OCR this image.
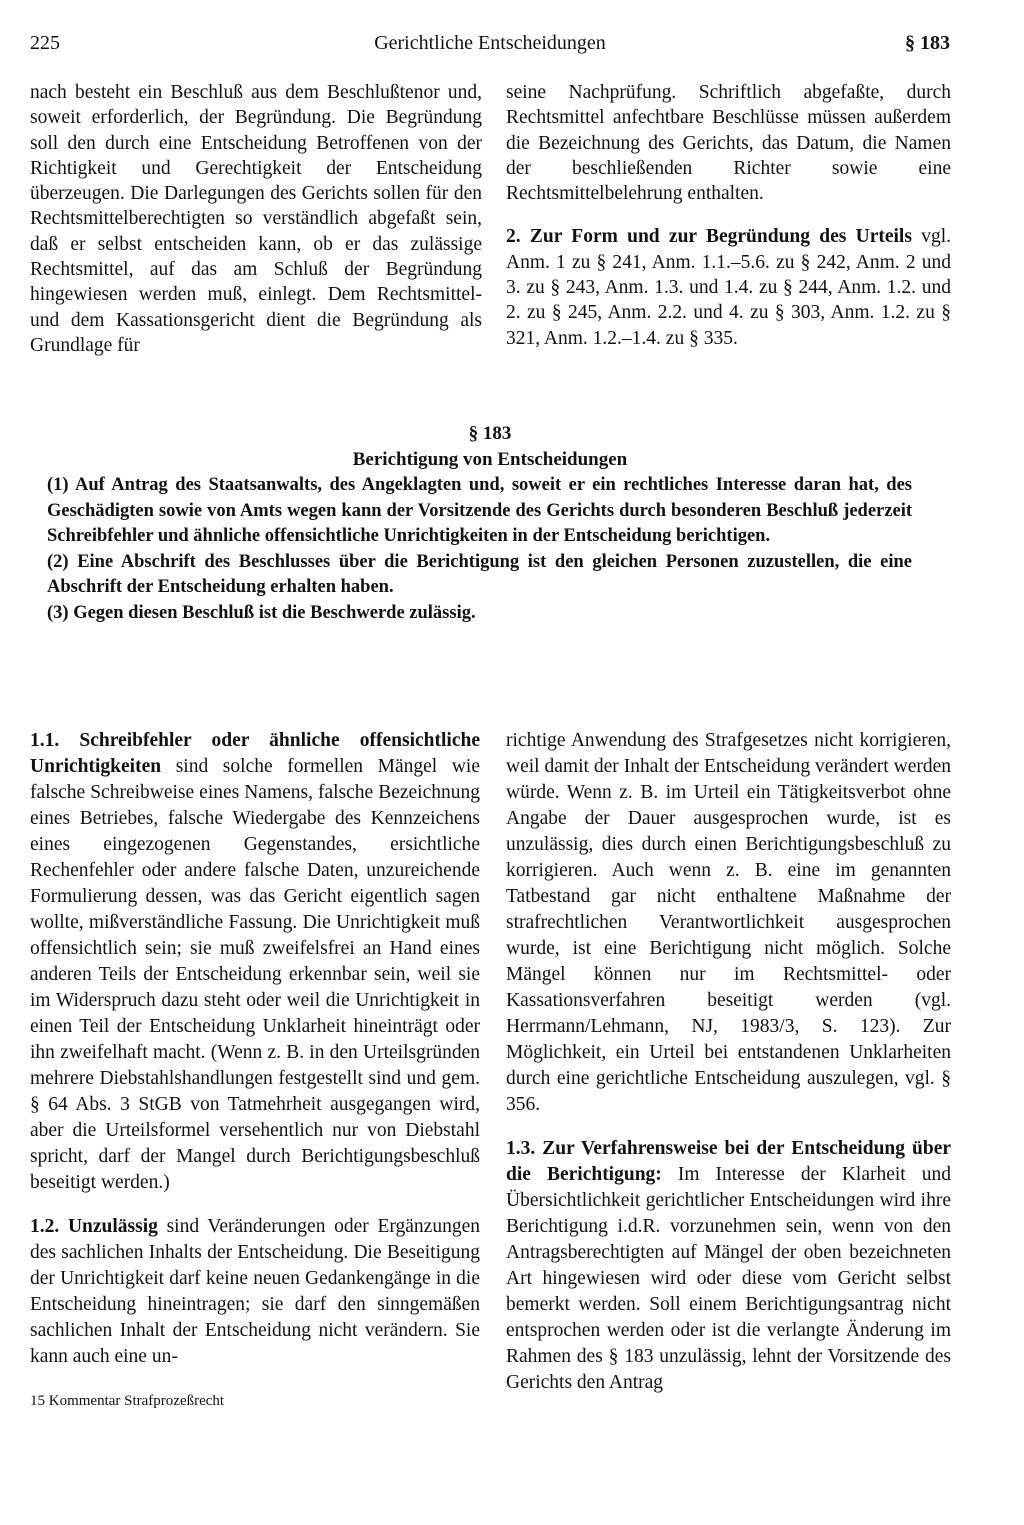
225	Gerichtliche Entscheidungen	§ 183

nach besteht ein Beschluß aus dem Beschlußtenor und, soweit erforderlich, der Begründung. Die Begründung soll den durch eine Entscheidung Betroffenen von der Richtigkeit und Gerechtigkeit der Entscheidung überzeugen. Die Darlegungen des Gerichts sollen für den Rechtsmittelberechtigten so verständlich abgefaßt sein, daß er selbst entscheiden kann, ob er das zulässige Rechtsmittel, auf das am Schluß der Begründung hingewiesen werden muß, einlegt. Dem Rechtsmittel- und dem Kassationsgericht dient die Begründung als Grundlage für

seine Nachprüfung. Schriftlich abgefaßte, durch Rechtsmittel anfechtbare Beschlüsse müssen außerdem die Bezeichnung des Gerichts, das Datum, die Namen der beschließenden Richter sowie eine Rechtsmittelbelehrung enthalten.

2. Zur Form und zur Begründung des Urteils vgl. Anm. 1 zu § 241, Anm. 1.1.–5.6. zu § 242, Anm. 2 und 3. zu § 243, Anm. 1.3. und 1.4. zu § 244, Anm. 1.2. und 2. zu § 245, Anm. 2.2. und 4. zu § 303, Anm. 1.2. zu § 321, Anm. 1.2.–1.4. zu § 335.

§ 183
Berichtigung von Entscheidungen

(1) Auf Antrag des Staatsanwalts, des Angeklagten und, soweit er ein rechtliches Interesse daran hat, des Geschädigten sowie von Amts wegen kann der Vorsitzende des Gerichts durch besonderen Beschluß jederzeit Schreibfehler und ähnliche offensichtliche Unrichtigkeiten in der Entscheidung berichtigen.

(2) Eine Abschrift des Beschlusses über die Berichtigung ist den gleichen Personen zuzustellen, die eine Abschrift der Entscheidung erhalten haben.

(3) Gegen diesen Beschluß ist die Beschwerde zulässig.

1.1. Schreibfehler oder ähnliche offensichtliche Unrichtigkeiten sind solche formellen Mängel wie falsche Schreibweise eines Namens, falsche Bezeichnung eines Betriebes, falsche Wiedergabe des Kennzeichens eines eingezogenen Gegenstandes, ersichtliche Rechenfehler oder andere falsche Daten, unzureichende Formulierung dessen, was das Gericht eigentlich sagen wollte, mißverständliche Fassung. Die Unrichtigkeit muß offensichtlich sein; sie muß zweifelsfrei an Hand eines anderen Teils der Entscheidung erkennbar sein, weil sie im Widerspruch dazu steht oder weil die Unrichtigkeit in einen Teil der Entscheidung Unklarheit hineinträgt oder ihn zweifelhaft macht. (Wenn z. B. in den Urteilsgründen mehrere Diebstahlshandlungen festgestellt sind und gem. § 64 Abs. 3 StGB von Tatmehrheit ausgegangen wird, aber die Urteilsformel versehentlich nur von Diebstahl spricht, darf der Mangel durch Berichtigungsbeschluß beseitigt werden.)

1.2. Unzulässig sind Veränderungen oder Ergänzungen des sachlichen Inhalts der Entscheidung. Die Beseitigung der Unrichtigkeit darf keine neuen Gedankengänge in die Entscheidung hineintragen; sie darf den sinngemäßen sachlichen Inhalt der Entscheidung nicht verändern. Sie kann auch eine un-

richtige Anwendung des Strafgesetzes nicht korrigieren, weil damit der Inhalt der Entscheidung verändert werden würde. Wenn z. B. im Urteil ein Tätigkeitsverbot ohne Angabe der Dauer ausgesprochen wurde, ist es unzulässig, dies durch einen Berichtigungsbeschluß zu korrigieren. Auch wenn z. B. eine im genannten Tatbestand gar nicht enthaltene Maßnahme der strafrechtlichen Verantwortlichkeit ausgesprochen wurde, ist eine Berichtigung nicht möglich. Solche Mängel können nur im Rechtsmittel- oder Kassationsverfahren beseitigt werden (vgl. Herrmann/Lehmann, NJ, 1983/3, S. 123). Zur Möglichkeit, ein Urteil bei entstandenen Unklarheiten durch eine gerichtliche Entscheidung auszulegen, vgl. § 356.

1.3. Zur Verfahrensweise bei der Entscheidung über die Berichtigung: Im Interesse der Klarheit und Übersichtlichkeit gerichtlicher Entscheidungen wird ihre Berichtigung i.d.R. vorzunehmen sein, wenn von den Antragsberechtigten auf Mängel der oben bezeichneten Art hingewiesen wird oder diese vom Gericht selbst bemerkt werden. Soll einem Berichtigungsantrag nicht entsprochen werden oder ist die verlangte Änderung im Rahmen des § 183 unzulässig, lehnt der Vorsitzende des Gerichts den Antrag

15 Kommentar Strafprozeßrecht
